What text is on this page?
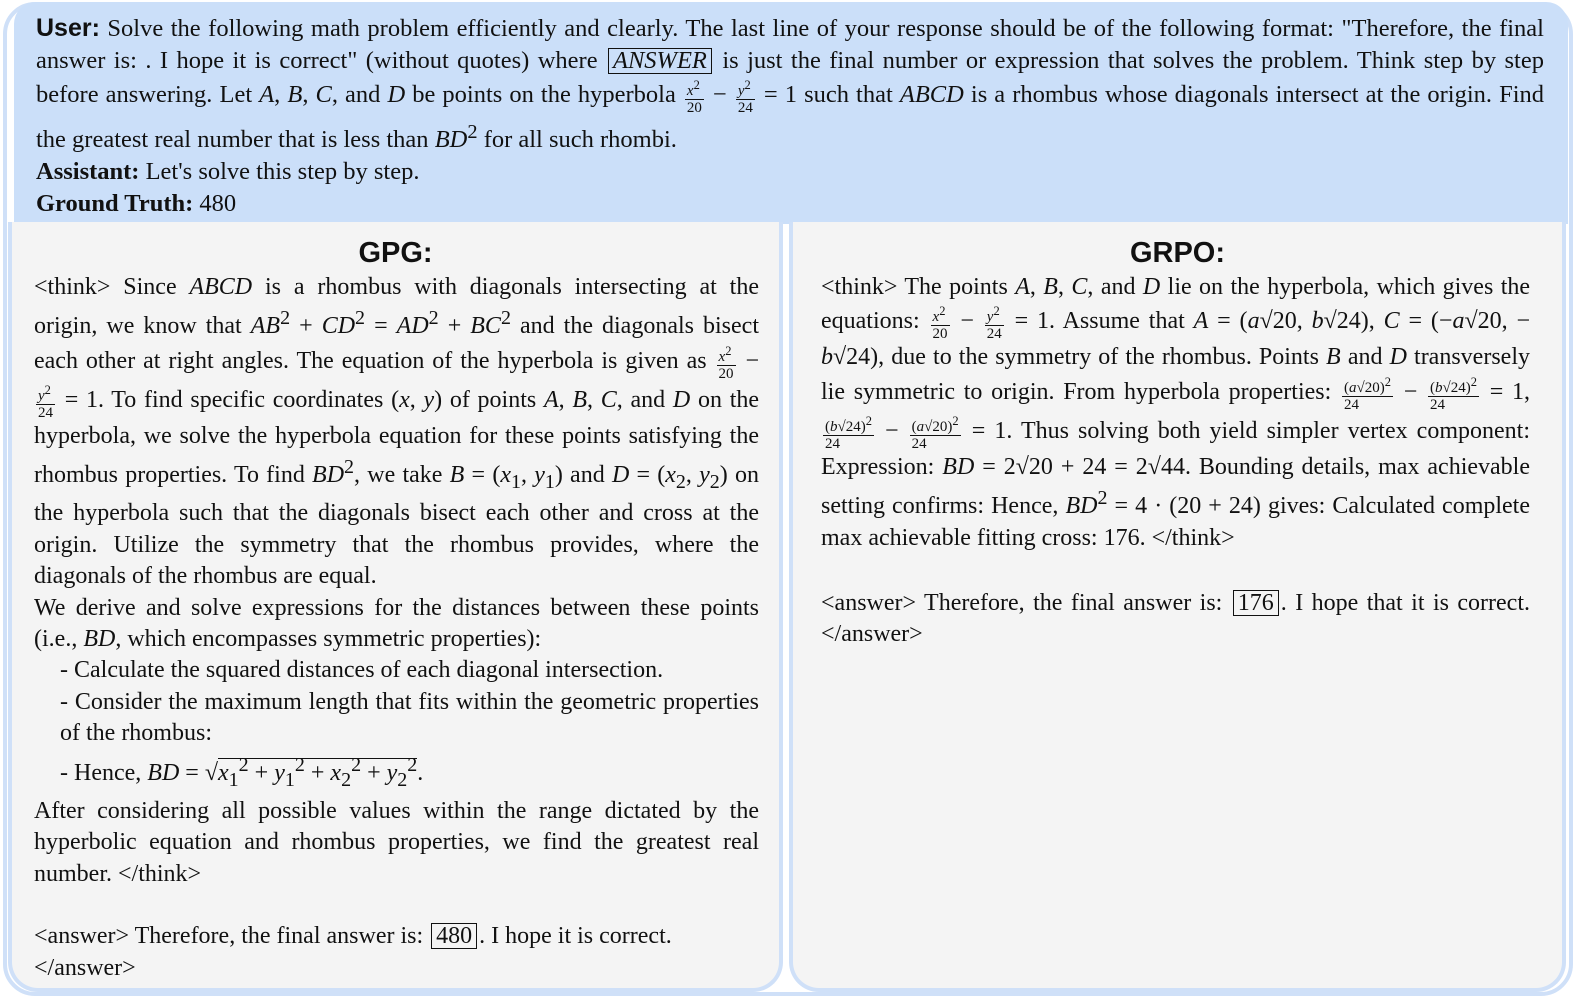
User: Solve the following math problem efficiently and clearly. The last line of your response should be of the following format: "Therefore, the final answer is: . I hope it is correct" (without quotes) where ANSWER is just the final number or expression that solves the problem. Think step by step before answering. Let A, B, C, and D be points on the hyperbola $\frac{x^2}{20} - \frac{y^2}{24} = 1$ such that ABCD is a rhombus whose diagonals intersect at the origin. Find the greatest real number that is less than $BD^2$ for all such rhombi.

Assistant: Let's solve this step by step.

Ground Truth: 480

GPG:

<think> Since ABCD is a rhombus with diagonals intersecting at the origin, we know that $AB^2 + CD^2 = AD^2 + BC^2$ and the diagonals bisect each other at right angles. The equation of the hyperbola is given as $\frac{x^2}{20}$ −
$\frac{y^2}{24} = 1$. To find specific coordinates (x, y) of points A, B, C, and D on the hyperbola, we solve the hyperbola equation for these points satisfying the rhombus properties. To find $BD^2$, we take $B = (x_1$, $y_1$) and $D = (x_2$, $y_2$) on the hyperbola such that the diagonals bisect each other and cross at the origin. Utilize the symmetry that the rhombus provides, where the diagonals of the rhombus are equal.

We derive and solve expressions for the distances between these points (i.e., BD, which encompasses symmetric properties):

- Calculate the squared distances of each diagonal intersection.

- Consider the maximum length that fits within the geometric properties of the rhombus:

- Hence, BD = $√x_1^2 + y_1^2 + x_2^2 + y_2^2$.

After considering all possible values within the range dictated by the hyperbolic equation and rhombus properties, we find the greatest real number. </think>

<answer> Therefore, the final answer is: 480 . I hope it is correct.
</answer>

GRPO:

<think> The points A, B, C, and D lie on the hyperbola, which gives the equations: $\frac{x^2}{20} - \frac{y^2}{24} = 1$. Assume that A = (a√20, b√24), C = (−a√20, − b√24), due to the symmetry of the rhombus. Points B and D transversely lie symmetric to origin. From hyperbola properties: $\frac{(a√20)^2}{24} - \frac{(b√24)^2}{24} = 1$,
$\frac{(b√24)^2}{24} - \frac{(a√20)^2}{24} = 1$. Thus solving both yield simpler vertex component: Expression: BD = 2√20 + 24 = 2√44. Bounding details, max achievable setting confirms: Hence, $BD^2 = 4 \cdot (20 + 24)$ gives: Calculated complete max achievable fitting cross: 176. </think>

<answer> Therefore, the final answer is: 176 . I hope that it is correct. </answer>
